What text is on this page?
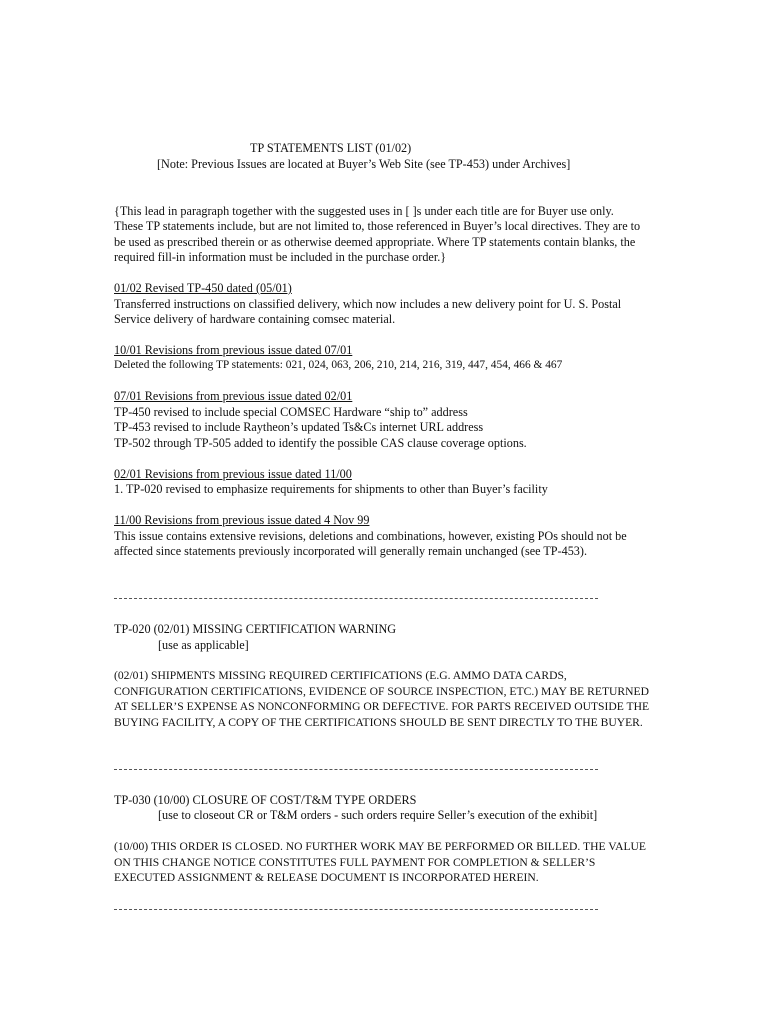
TP STATEMENTS LIST (01/02)
[Note: Previous Issues are located at Buyer’s Web Site (see TP-453) under Archives]
{This lead in paragraph together with the suggested uses in [ ]s under each title are for Buyer use only.
These TP statements include, but are not limited to, those referenced in Buyer’s local directives. They are to
be used as prescribed therein or as otherwise deemed appropriate. Where TP statements contain blanks, the
required fill-in information must be included in the purchase order.}
01/02 Revised TP-450 dated (05/01)
Transferred instructions on classified delivery, which now includes a new delivery point for U. S. Postal
Service delivery of hardware containing comsec material.
10/01 Revisions from previous issue dated 07/01
Deleted the following TP statements: 021, 024, 063, 206, 210, 214, 216, 319, 447, 454, 466 & 467
07/01 Revisions from previous issue dated 02/01
TP-450 revised to include special COMSEC Hardware “ship to” address
TP-453 revised to include Raytheon’s updated Ts&Cs internet URL address
TP-502 through TP-505 added to identify the possible CAS clause coverage options.
02/01 Revisions from previous issue dated 11/00
1. TP-020 revised to emphasize requirements for shipments to other than Buyer’s facility
11/00 Revisions from previous issue dated 4 Nov 99
This issue contains extensive revisions, deletions and combinations, however, existing POs should not be
affected since statements previously incorporated will generally remain unchanged (see TP-453).
TP-020 (02/01) MISSING CERTIFICATION WARNING
[use as applicable]
(02/01) SHIPMENTS MISSING REQUIRED CERTIFICATIONS (E.G. AMMO DATA CARDS,
CONFIGURATION CERTIFICATIONS, EVIDENCE OF SOURCE INSPECTION, ETC.) MAY BE RETURNED
AT SELLER’S EXPENSE AS NONCONFORMING OR DEFECTIVE. FOR PARTS RECEIVED OUTSIDE THE
BUYING FACILITY, A COPY OF THE CERTIFICATIONS SHOULD BE SENT DIRECTLY TO THE BUYER.
TP-030 (10/00) CLOSURE OF COST/T&M TYPE ORDERS
[use to closeout CR or T&M orders - such orders require Seller’s execution of the exhibit]
(10/00) THIS ORDER IS CLOSED. NO FURTHER WORK MAY BE PERFORMED OR BILLED. THE VALUE
ON THIS CHANGE NOTICE CONSTITUTES FULL PAYMENT FOR COMPLETION & SELLER’S
EXECUTED ASSIGNMENT & RELEASE DOCUMENT IS INCORPORATED HEREIN.
